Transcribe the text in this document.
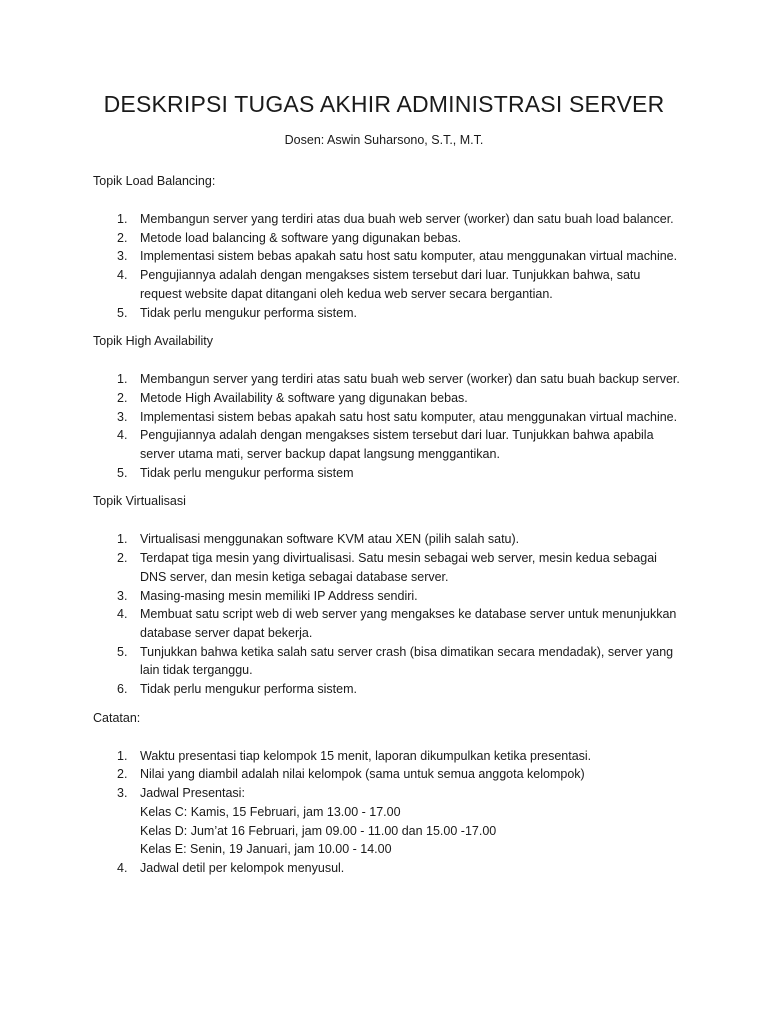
DESKRIPSI TUGAS AKHIR ADMINISTRASI SERVER
Dosen: Aswin Suharsono, S.T., M.T.
Topik Load Balancing:
1. Membangun server yang terdiri atas dua buah web server (worker) dan satu buah load balancer.
2. Metode load balancing & software yang digunakan bebas.
3. Implementasi sistem bebas apakah satu host satu komputer, atau menggunakan virtual machine.
4. Pengujiannya adalah dengan mengakses sistem tersebut dari luar. Tunjukkan bahwa, satu request website dapat ditangani oleh kedua web server secara bergantian.
5. Tidak perlu mengukur performa sistem.
Topik High Availability
1. Membangun server yang terdiri atas satu buah web server (worker) dan satu buah backup server.
2. Metode High Availability & software yang digunakan bebas.
3. Implementasi sistem bebas apakah satu host satu komputer, atau menggunakan virtual machine.
4. Pengujiannya adalah dengan mengakses sistem tersebut dari luar. Tunjukkan bahwa apabila server utama mati, server backup dapat langsung menggantikan.
5. Tidak perlu mengukur performa sistem
Topik Virtualisasi
1. Virtualisasi menggunakan software KVM atau XEN (pilih salah satu).
2. Terdapat tiga mesin yang divirtualisasi. Satu mesin sebagai web server, mesin kedua sebagai DNS server, dan mesin ketiga sebagai database server.
3. Masing-masing mesin memiliki IP Address sendiri.
4. Membuat satu script web di web server yang mengakses ke database server untuk menunjukkan database server dapat bekerja.
5. Tunjukkan bahwa ketika salah satu server crash (bisa dimatikan secara mendadak), server yang lain tidak terganggu.
6. Tidak perlu mengukur performa sistem.
Catatan:
1. Waktu presentasi tiap kelompok 15 menit, laporan dikumpulkan ketika presentasi.
2. Nilai yang diambil adalah nilai kelompok (sama untuk semua anggota kelompok)
3. Jadwal Presentasi:
Kelas C: Kamis, 15 Februari, jam 13.00 - 17.00
Kelas D: Jum’at 16 Februari, jam 09.00 - 11.00 dan 15.00 -17.00
Kelas E: Senin, 19 Januari, jam 10.00 - 14.00
4. Jadwal detil per kelompok menyusul.
